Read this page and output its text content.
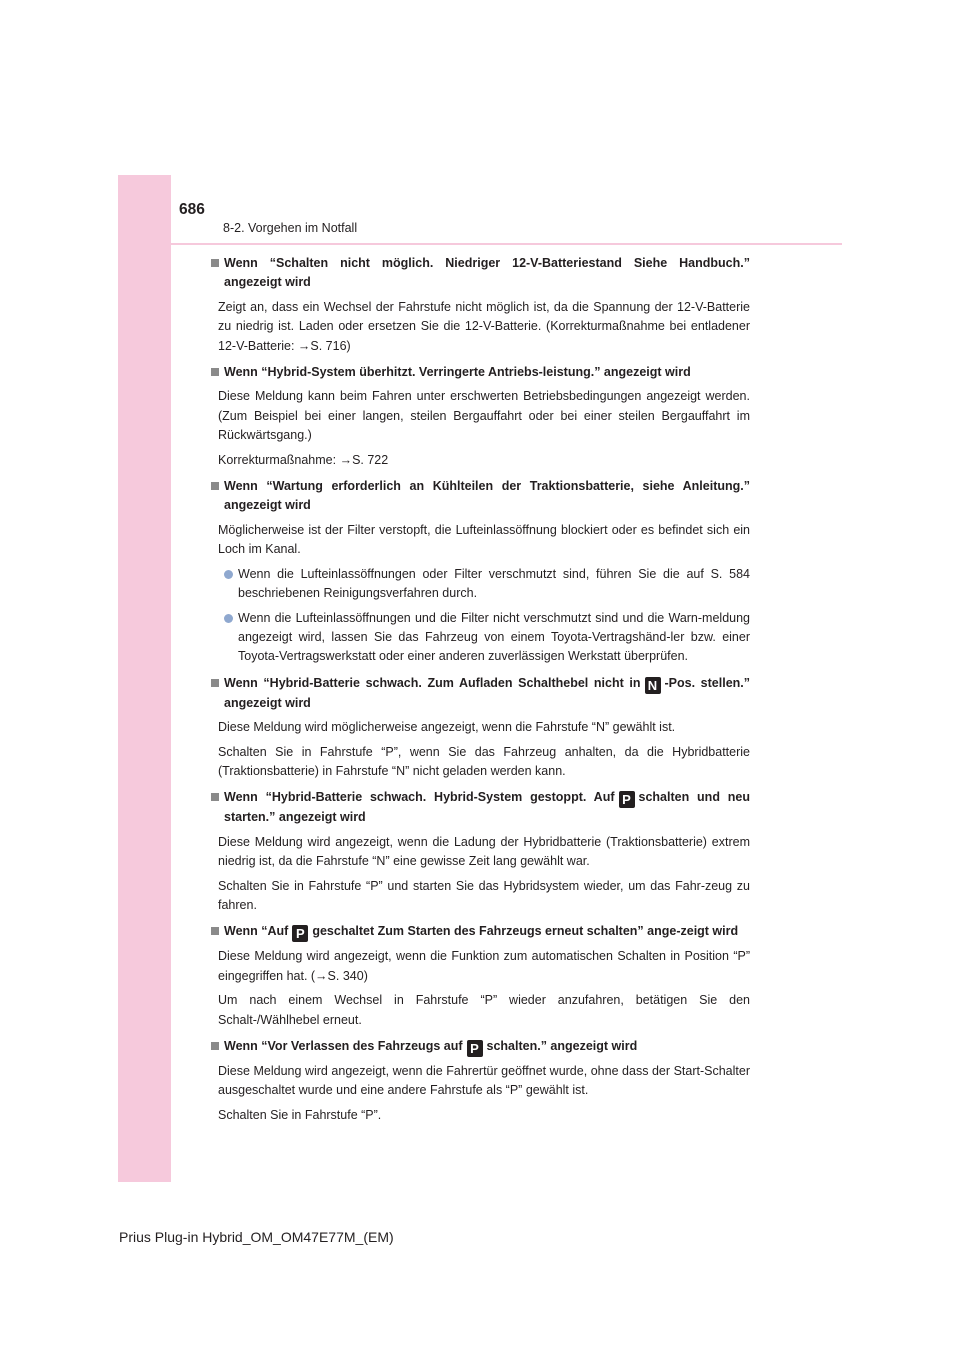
686
8-2. Vorgehen im Notfall
Wenn “Schalten nicht möglich. Niedriger 12-V-Batteriestand Siehe Handbuch.” angezeigt wird
Zeigt an, dass ein Wechsel der Fahrstufe nicht möglich ist, da die Spannung der 12-V-Batterie zu niedrig ist. Laden oder ersetzen Sie die 12-V-Batterie. (Korrekturmaßnahme bei entladener 12-V-Batterie: →S. 716)
Wenn “Hybrid-System überhitzt. Verringerte Antriebs-leistung.” angezeigt wird
Diese Meldung kann beim Fahren unter erschwerten Betriebsbedingungen angezeigt werden. (Zum Beispiel bei einer langen, steilen Bergauffahrt oder bei einer steilen Bergauffahrt im Rückwärtsgang.)
Korrekturmaßnahme: →S. 722
Wenn “Wartung erforderlich an Kühlteilen der Traktionsbatterie, siehe Anleitung.” angezeigt wird
Möglicherweise ist der Filter verstopft, die Lufteinlassöffnung blockiert oder es befindet sich ein Loch im Kanal.
Wenn die Lufteinlassöffnungen oder Filter verschmutzt sind, führen Sie die auf S. 584 beschriebenen Reinigungsverfahren durch.
Wenn die Lufteinlassöffnungen und die Filter nicht verschmutzt sind und die Warn-meldung angezeigt wird, lassen Sie das Fahrzeug von einem Toyota-Vertragshänd-ler bzw. einer Toyota-Vertragswerkstatt oder einer anderen zuverlässigen Werkstatt überprüfen.
Wenn “Hybrid-Batterie schwach. Zum Aufladen Schalthebel nicht in N -Pos. stellen.” angezeigt wird
Diese Meldung wird möglicherweise angezeigt, wenn die Fahrstufe “N” gewählt ist.
Schalten Sie in Fahrstufe “P”, wenn Sie das Fahrzeug anhalten, da die Hybridbatterie (Traktionsbatterie) in Fahrstufe “N” nicht geladen werden kann.
Wenn “Hybrid-Batterie schwach. Hybrid-System gestoppt. Auf P schalten und neu starten.” angezeigt wird
Diese Meldung wird angezeigt, wenn die Ladung der Hybridbatterie (Traktionsbatterie) extrem niedrig ist, da die Fahrstufe “N” eine gewisse Zeit lang gewählt war.
Schalten Sie in Fahrstufe “P” und starten Sie das Hybridsystem wieder, um das Fahr-zeug zu fahren.
Wenn “Auf P geschaltet Zum Starten des Fahrzeugs erneut schalten” ange-zeigt wird
Diese Meldung wird angezeigt, wenn die Funktion zum automatischen Schalten in Position “P” eingegriffen hat. (→S. 340)
Um nach einem Wechsel in Fahrstufe “P” wieder anzufahren, betätigen Sie den Schalt-/Wählhebel erneut.
Wenn “Vor Verlassen des Fahrzeugs auf P schalten.” angezeigt wird
Diese Meldung wird angezeigt, wenn die Fahrertür geöffnet wurde, ohne dass der Start-Schalter ausgeschaltet wurde und eine andere Fahrstufe als “P” gewählt ist.
Schalten Sie in Fahrstufe “P”.
Prius Plug-in Hybrid_OM_OM47E77M_(EM)
